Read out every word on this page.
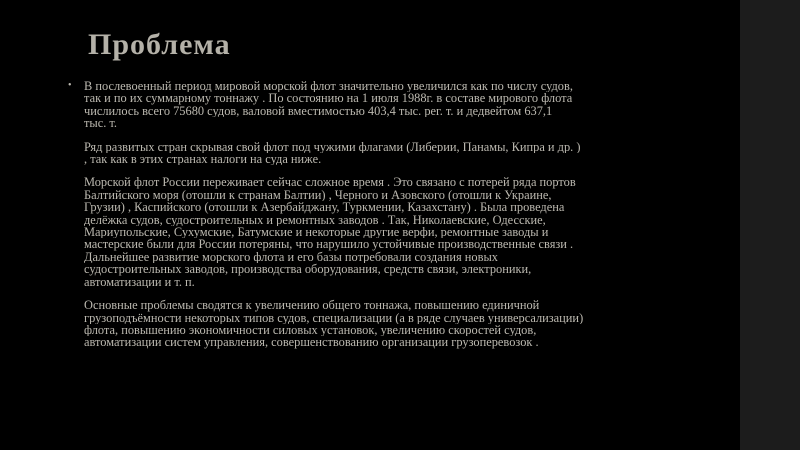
Проблема
• В послевоенный период мировой морской флот значительно увеличился как по числу судов,
так и по их суммарному тоннажу . По состоянию на 1 июля 1988г. в составе мирового флота
числилось всего 75680 судов, валовой вместимостью 403,4 тыс. рег. т. и дедвейтом 637,1
тыс. т.
Ряд развитых стран скрывая свой флот под чужими флагами (Либерии, Панамы, Кипра и др. )
, так как в этих странах налоги на суда ниже.
Морской флот России переживает сейчас сложное время . Это связано с потерей ряда портов
Балтийского моря (отошли к странам Балтии) , Черного и Азовского (отошли к Украине,
Грузии) , Каспийского (отошли к Азербайджану, Туркмении, Казахстану) . Была проведена
делёжка судов, судостроительных и ремонтных заводов . Так, Николаевские, Одесские,
Мариупольские, Сухумские, Батумские и некоторые другие верфи, ремонтные заводы и
мастерские были для России потеряны, что нарушило устойчивые производственные связи .
Дальнейшее развитие морского флота и его базы потребовали создания новых
судостроительных заводов, производства оборудования, средств связи, электроники,
автоматизации и т. п.
Основные проблемы сводятся к увеличению общего тоннажа, повышению единичной
грузоподъёмности некоторых типов судов, специализации (а в ряде случаев универсализации)
флота, повышению экономичности силовых установок, увеличению скоростей судов,
автоматизации систем управления, совершенствованию организации грузоперевозок .
